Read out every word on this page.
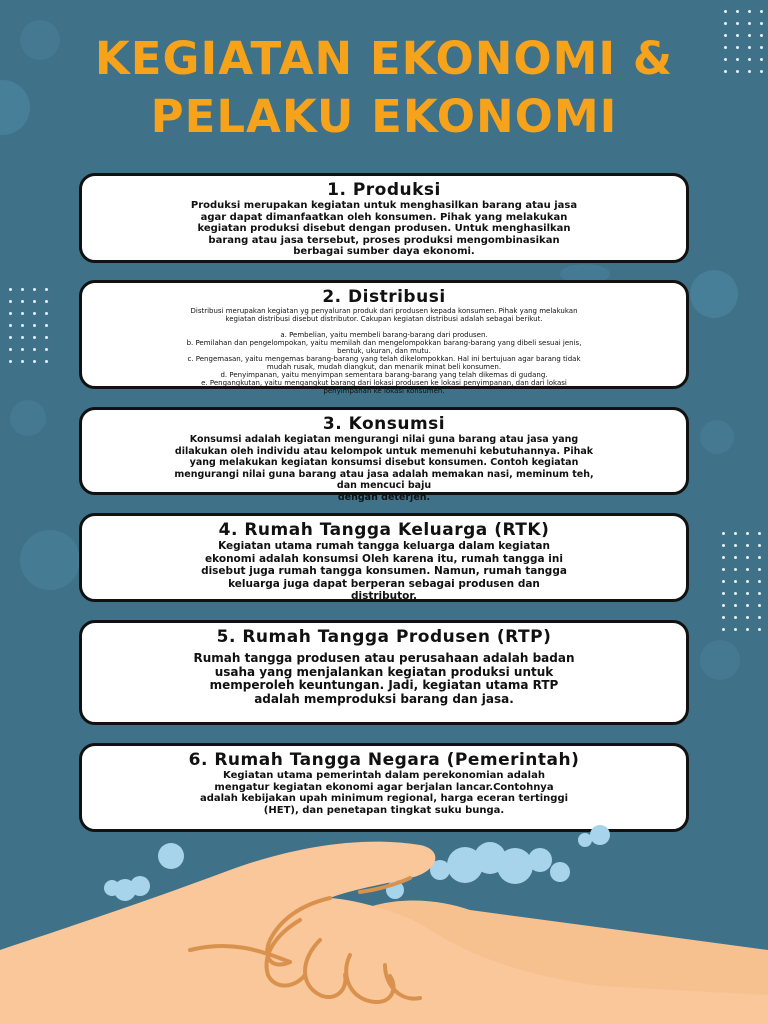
KEGIATAN EKONOMI &
PELAKU EKONOMI
1. Produksi

Produksi merupakan kegiatan untuk menghasilkan barang atau jasa
agar dapat dimanfaatkan oleh konsumen. Pihak yang melakukan
kegiatan produksi disebut dengan produsen. Untuk menghasilkan
barang atau jasa tersebut, proses produksi mengombinasikan
berbagai sumber daya ekonomi.

2. Distribusi

Distribusi merupakan kegiatan yg penyaluran produk dari produsen kepada konsumen. Pihak yang melakukan
kegiatan distribusi disebut distributor. Cakupan kegiatan distribusi adalah sebagai berikut.

a. Pembelian, yaitu membeli barang-barang dari produsen.
b. Pemilahan dan pengelompokan, yaitu memilah dan mengelompokkan barang-barang yang dibeli sesuai jenis,
bentuk, ukuran, dan mutu.
c. Pengemasan, yaitu mengemas barang-barang yang telah dikelompokkan. Hal ini bertujuan agar barang tidak
mudah rusak, mudah diangkut, dan menarik minat beli konsumen.
d. Penyimpanan, yaitu menyimpan sementara barang-barang yang telah dikemas di gudang.
e. Pengangkutan, yaitu mengangkut barang dari lokasi produsen ke lokasi penyimpanan, dan dari lokasi
penyimpanan ke lokasi konsumen.

3. Konsumsi

Konsumsi adalah kegiatan mengurangi nilai guna barang atau jasa yang
dilakukan oleh individu atau kelompok untuk memenuhi kebutuhannya. Pihak
yang melakukan kegiatan konsumsi disebut konsumen. Contoh kegiatan
mengurangi nilai guna barang atau jasa adalah memakan nasi, meminum teh,
dan mencuci baju
dengan deterjen.

4. Rumah Tangga Keluarga (RTK)

Kegiatan utama rumah tangga keluarga dalam kegiatan
ekonomi adalah konsumsi Oleh karena itu, rumah tangga ini
disebut juga rumah tangga konsumen. Namun, rumah tangga
keluarga juga dapat berperan sebagai produsen dan
distributor.

5. Rumah Tangga Produsen (RTP)

Rumah tangga produsen atau perusahaan adalah badan
usaha yang menjalankan kegiatan produksi untuk
memperoleh keuntungan. Jadi, kegiatan utama RTP
adalah memproduksi barang dan jasa.

6. Rumah Tangga Negara (Pemerintah)

Kegiatan utama pemerintah dalam perekonomian adalah
mengatur kegiatan ekonomi agar berjalan lancar.Contohnya
adalah kebijakan upah minimum regional, harga eceran tertinggi
(HET), dan penetapan tingkat suku bunga.
